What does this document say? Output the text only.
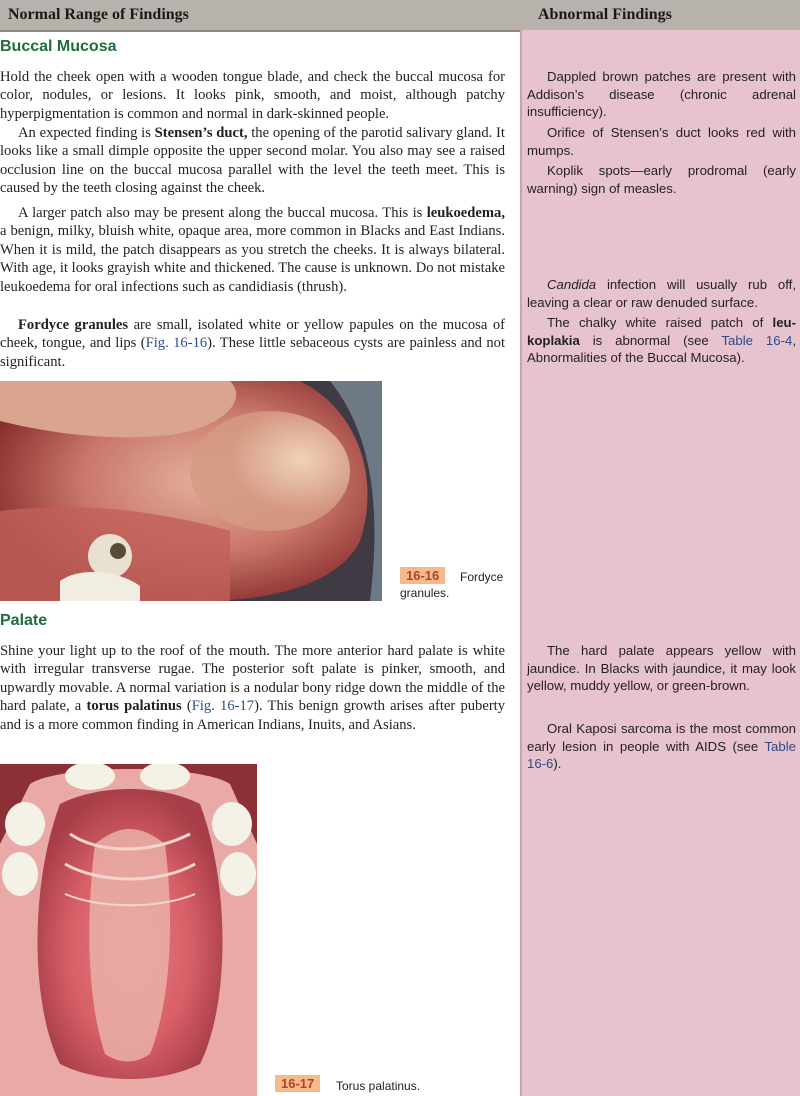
Normal Range of Findings	Abnormal Findings
Buccal Mucosa

Hold the cheek open with a wooden tongue blade, and check the buccal mucosa for color, nodules, or lesions. It looks pink, smooth, and moist, although patchy hyperpigmentation is common and normal in dark-skinned people.

An expected finding is Stensen’s duct, the opening of the parotid salivary gland. It looks like a small dimple opposite the upper second molar. You also may see a raised occlusion line on the buccal mucosa parallel with the level the teeth meet. This is caused by the teeth closing against the cheek.

A larger patch also may be present along the buccal mucosa. This is leukoedema, a benign, milky, bluish white, opaque area, more common in Blacks and East Indians. When it is mild, the patch disappears as you stretch the cheeks. It is always bilateral. With age, it looks grayish white and thickened. The cause is unknown. Do not mistake leukoedema for oral infections such as candidiasis (thrush).

Fordyce granules are small, isolated white or yellow papules on the mucosa of cheek, tongue, and lips (Fig. 16-16). These little sebaceous cysts are painless and not significant.

16-16	Fordyce granules.
Palate

Shine your light up to the roof of the mouth. The more anterior hard palate is white with irregular transverse rugae. The posterior soft palate is pinker, smooth, and upwardly movable. A normal variation is a nodular bony ridge down the middle of the hard palate, a torus palatinus (Fig. 16-17). This benign growth arises after puberty and is a more common finding in American Indians, Inuits, and Asians.

16-17	Torus palatinus.

Dappled brown patches are present with Addison’s disease (chronic adrenal insufficiency).

Orifice of Stensen’s duct looks red with mumps.

Koplik spots—early prodromal (early warning) sign of measles.

Candida infection will usually rub off, leaving a clear or raw denuded surface.

The chalky white raised patch of leukoplakia is abnormal (see Table 16-4, Abnormalities of the Buccal Mucosa).

The hard palate appears yellow with jaundice. In Blacks with jaundice, it may look yellow, muddy yellow, or green-brown.

Oral Kaposi sarcoma is the most common early lesion in people with AIDS (see Table 16-6).
